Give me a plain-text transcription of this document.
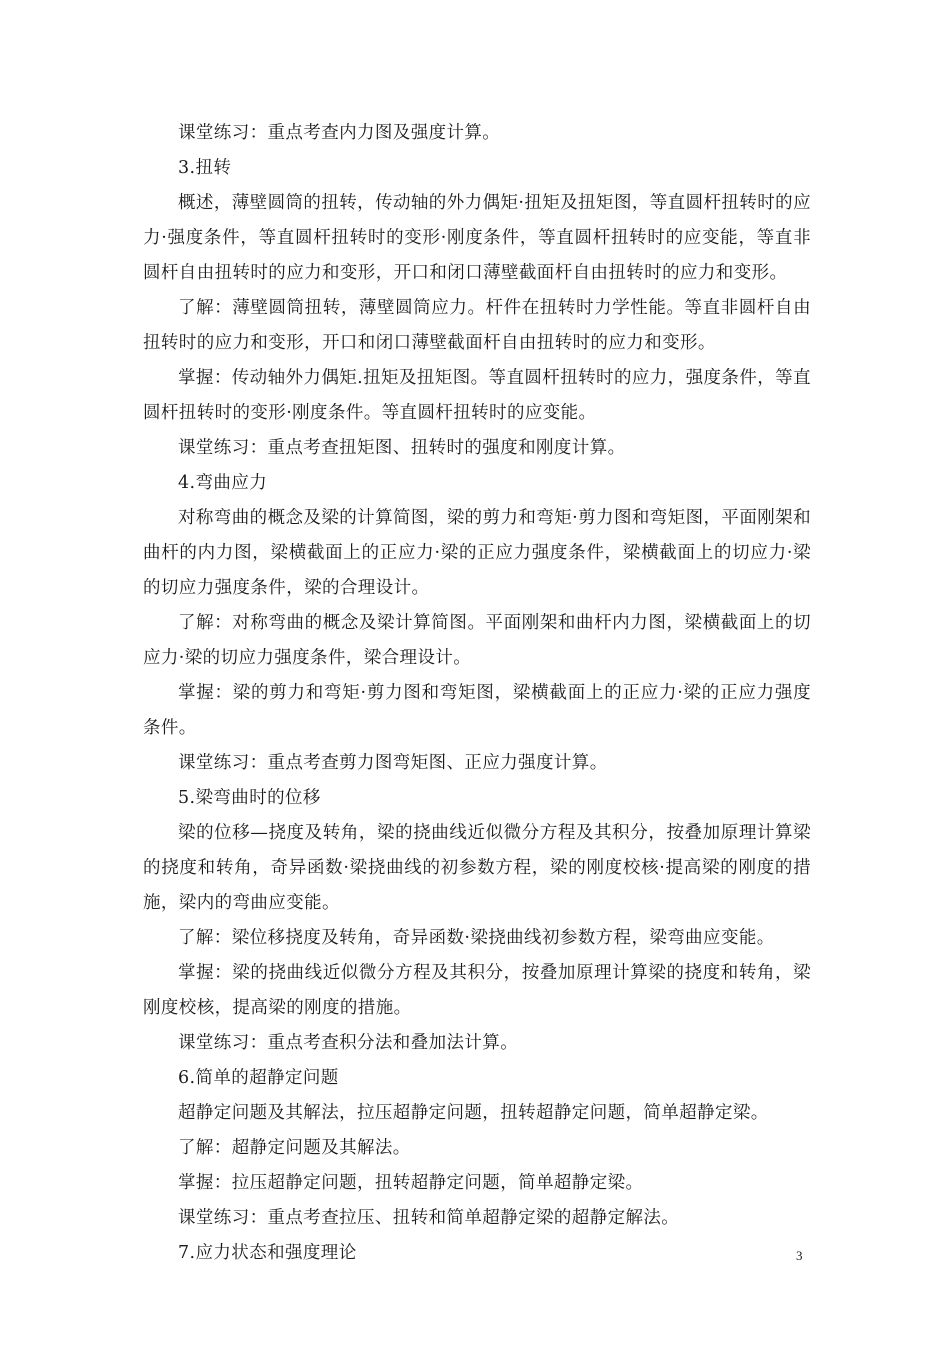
课堂练习：重点考查内力图及强度计算。

3.扭转

概述，薄壁圆筒的扭转，传动轴的外力偶矩·扭矩及扭矩图，等直圆杆扭转时的应力·强度条件，等直圆杆扭转时的变形·刚度条件，等直圆杆扭转时的应变能，等直非圆杆自由扭转时的应力和变形，开口和闭口薄壁截面杆自由扭转时的应力和变形。

了解：薄壁圆筒扭转，薄壁圆筒应力。杆件在扭转时力学性能。等直非圆杆自由扭转时的应力和变形，开口和闭口薄壁截面杆自由扭转时的应力和变形。

掌握：传动轴外力偶矩.扭矩及扭矩图。等直圆杆扭转时的应力，强度条件，等直圆杆扭转时的变形·刚度条件。等直圆杆扭转时的应变能。

课堂练习：重点考查扭矩图、扭转时的强度和刚度计算。

4.弯曲应力

对称弯曲的概念及梁的计算简图，梁的剪力和弯矩·剪力图和弯矩图，平面刚架和曲杆的内力图，梁横截面上的正应力·梁的正应力强度条件，梁横截面上的切应力·梁的切应力强度条件，梁的合理设计。

了解：对称弯曲的概念及梁计算简图。平面刚架和曲杆内力图，梁横截面上的切应力·梁的切应力强度条件，梁合理设计。

掌握：梁的剪力和弯矩·剪力图和弯矩图，梁横截面上的正应力·梁的正应力强度条件。

课堂练习：重点考查剪力图弯矩图、正应力强度计算。

5.梁弯曲时的位移

梁的位移—挠度及转角，梁的挠曲线近似微分方程及其积分，按叠加原理计算梁的挠度和转角，奇异函数·梁挠曲线的初参数方程，梁的刚度校核·提高梁的刚度的措施，梁内的弯曲应变能。

了解：梁位移挠度及转角，奇异函数·梁挠曲线初参数方程，梁弯曲应变能。

掌握：梁的挠曲线近似微分方程及其积分，按叠加原理计算梁的挠度和转角，梁刚度校核，提高梁的刚度的措施。

课堂练习：重点考查积分法和叠加法计算。

6.简单的超静定问题

超静定问题及其解法，拉压超静定问题，扭转超静定问题，简单超静定梁。

了解：超静定问题及其解法。

掌握：拉压超静定问题，扭转超静定问题，简单超静定梁。

课堂练习：重点考查拉压、扭转和简单超静定梁的超静定解法。

7.应力状态和强度理论	3
